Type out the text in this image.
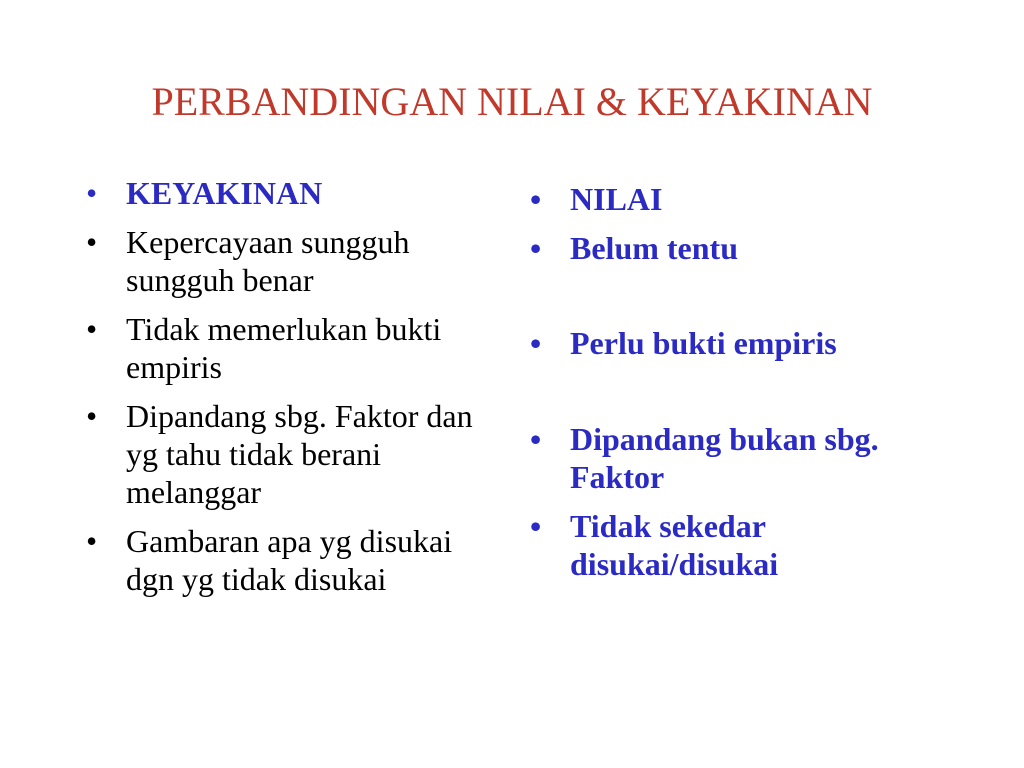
PERBANDINGAN NILAI & KEYAKINAN
• KEYAKINAN
• Kepercayaan sungguh sungguh benar
• Tidak memerlukan bukti empiris
• Dipandang sbg. Faktor dan yg tahu tidak berani melanggar
• Gambaran apa yg disukai dgn yg tidak disukai
• NILAI
• Belum tentu
• Perlu bukti empiris
• Dipandang bukan sbg. Faktor
• Tidak sekedar disukai/disukai
